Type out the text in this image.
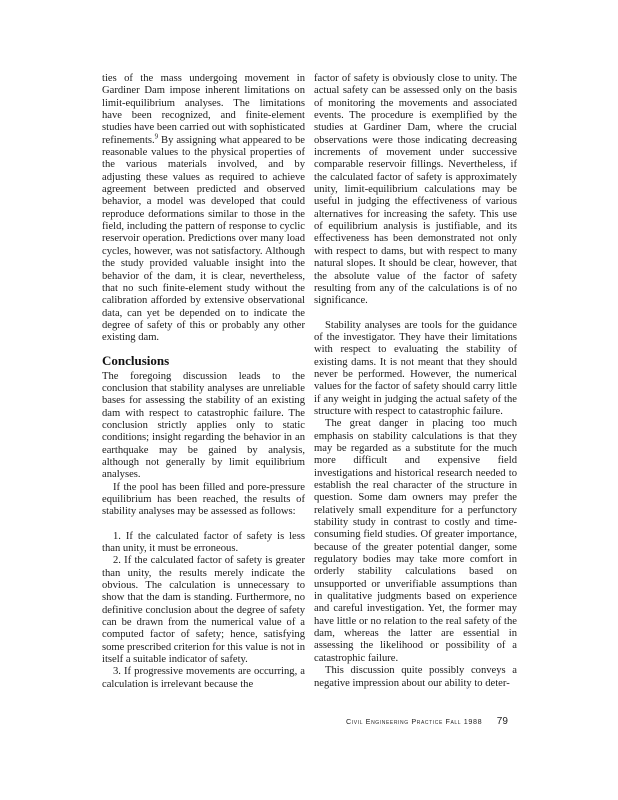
ties of the mass undergoing movement in Gardiner Dam impose inherent limitations on limit-equilibrium analyses. The limitations have been recognized, and finite-element studies have been carried out with sophisticated refinements.$^9$ By assigning what appeared to be reasonable values to the physical properties of the various materials involved, and by adjusting these values as required to achieve agreement between predicted and observed behavior, a model was developed that could reproduce deformations similar to those in the field, including the pattern of response to cyclic reservoir operation. Predictions over many load cycles, however, was not satisfactory. Although the study provided valuable insight into the behavior of the dam, it is clear, nevertheless, that no such finite-element study without the calibration afforded by extensive observational data, can yet be depended on to indicate the degree of safety of this or probably any other existing dam.

Conclusions

The foregoing discussion leads to the conclusion that stability analyses are unreliable bases for assessing the stability of an existing dam with respect to catastrophic failure. The conclusion strictly applies only to static conditions; insight regarding the behavior in an earthquake may be gained by analysis, although not generally by limit equilibrium analyses.

If the pool has been filled and pore-pressure equilibrium has been reached, the results of stability analyses may be assessed as follows:

1. If the calculated factor of safety is less than unity, it must be erroneous.
2. If the calculated factor of safety is greater than unity, the results merely indicate the obvious. The calculation is unnecessary to show that the dam is standing. Furthermore, no definitive conclusion about the degree of safety can be drawn from the numerical value of a computed factor of safety; hence, satisfying some prescribed criterion for this value is not in itself a suitable indicator of safety.
3. If progressive movements are occurring, a calculation is irrelevant because the

factor of safety is obviously close to unity. The actual safety can be assessed only on the basis of monitoring the movements and associated events. The procedure is exemplified by the studies at Gardiner Dam, where the crucial observations were those indicating decreasing increments of movement under successive comparable reservoir fillings. Nevertheless, if the calculated factor of safety is approximately unity, limit-equilibrium calculations may be useful in judging the effectiveness of various alternatives for increasing the safety. This use of equilibrium analysis is justifiable, and its effectiveness has been demonstrated not only with respect to dams, but with respect to many natural slopes. It should be clear, however, that the absolute value of the factor of safety resulting from any of the calculations is of no significance.

Stability analyses are tools for the guidance of the investigator. They have their limitations with respect to evaluating the stability of existing dams. It is not meant that they should never be performed. However, the numerical values for the factor of safety should carry little if any weight in judging the actual safety of the structure with respect to catastrophic failure.

The great danger in placing too much emphasis on stability calculations is that they may be regarded as a substitute for the much more difficult and expensive field investigations and historical research needed to establish the real character of the structure in question. Some dam owners may prefer the relatively small expenditure for a perfunctory stability study in contrast to costly and time-consuming field studies. Of greater importance, because of the greater potential danger, some regulatory bodies may take more comfort in orderly stability calculations based on unsupported or unverifiable assumptions than in qualitative judgments based on experience and careful investigation. Yet, the former may have little or no relation to the real safety of the dam, whereas the latter are essential in assessing the likelihood or possibility of a catastrophic failure.

This discussion quite possibly conveys a negative impression about our ability to deter-

Civil Engineering Practice Fall 1988 79
